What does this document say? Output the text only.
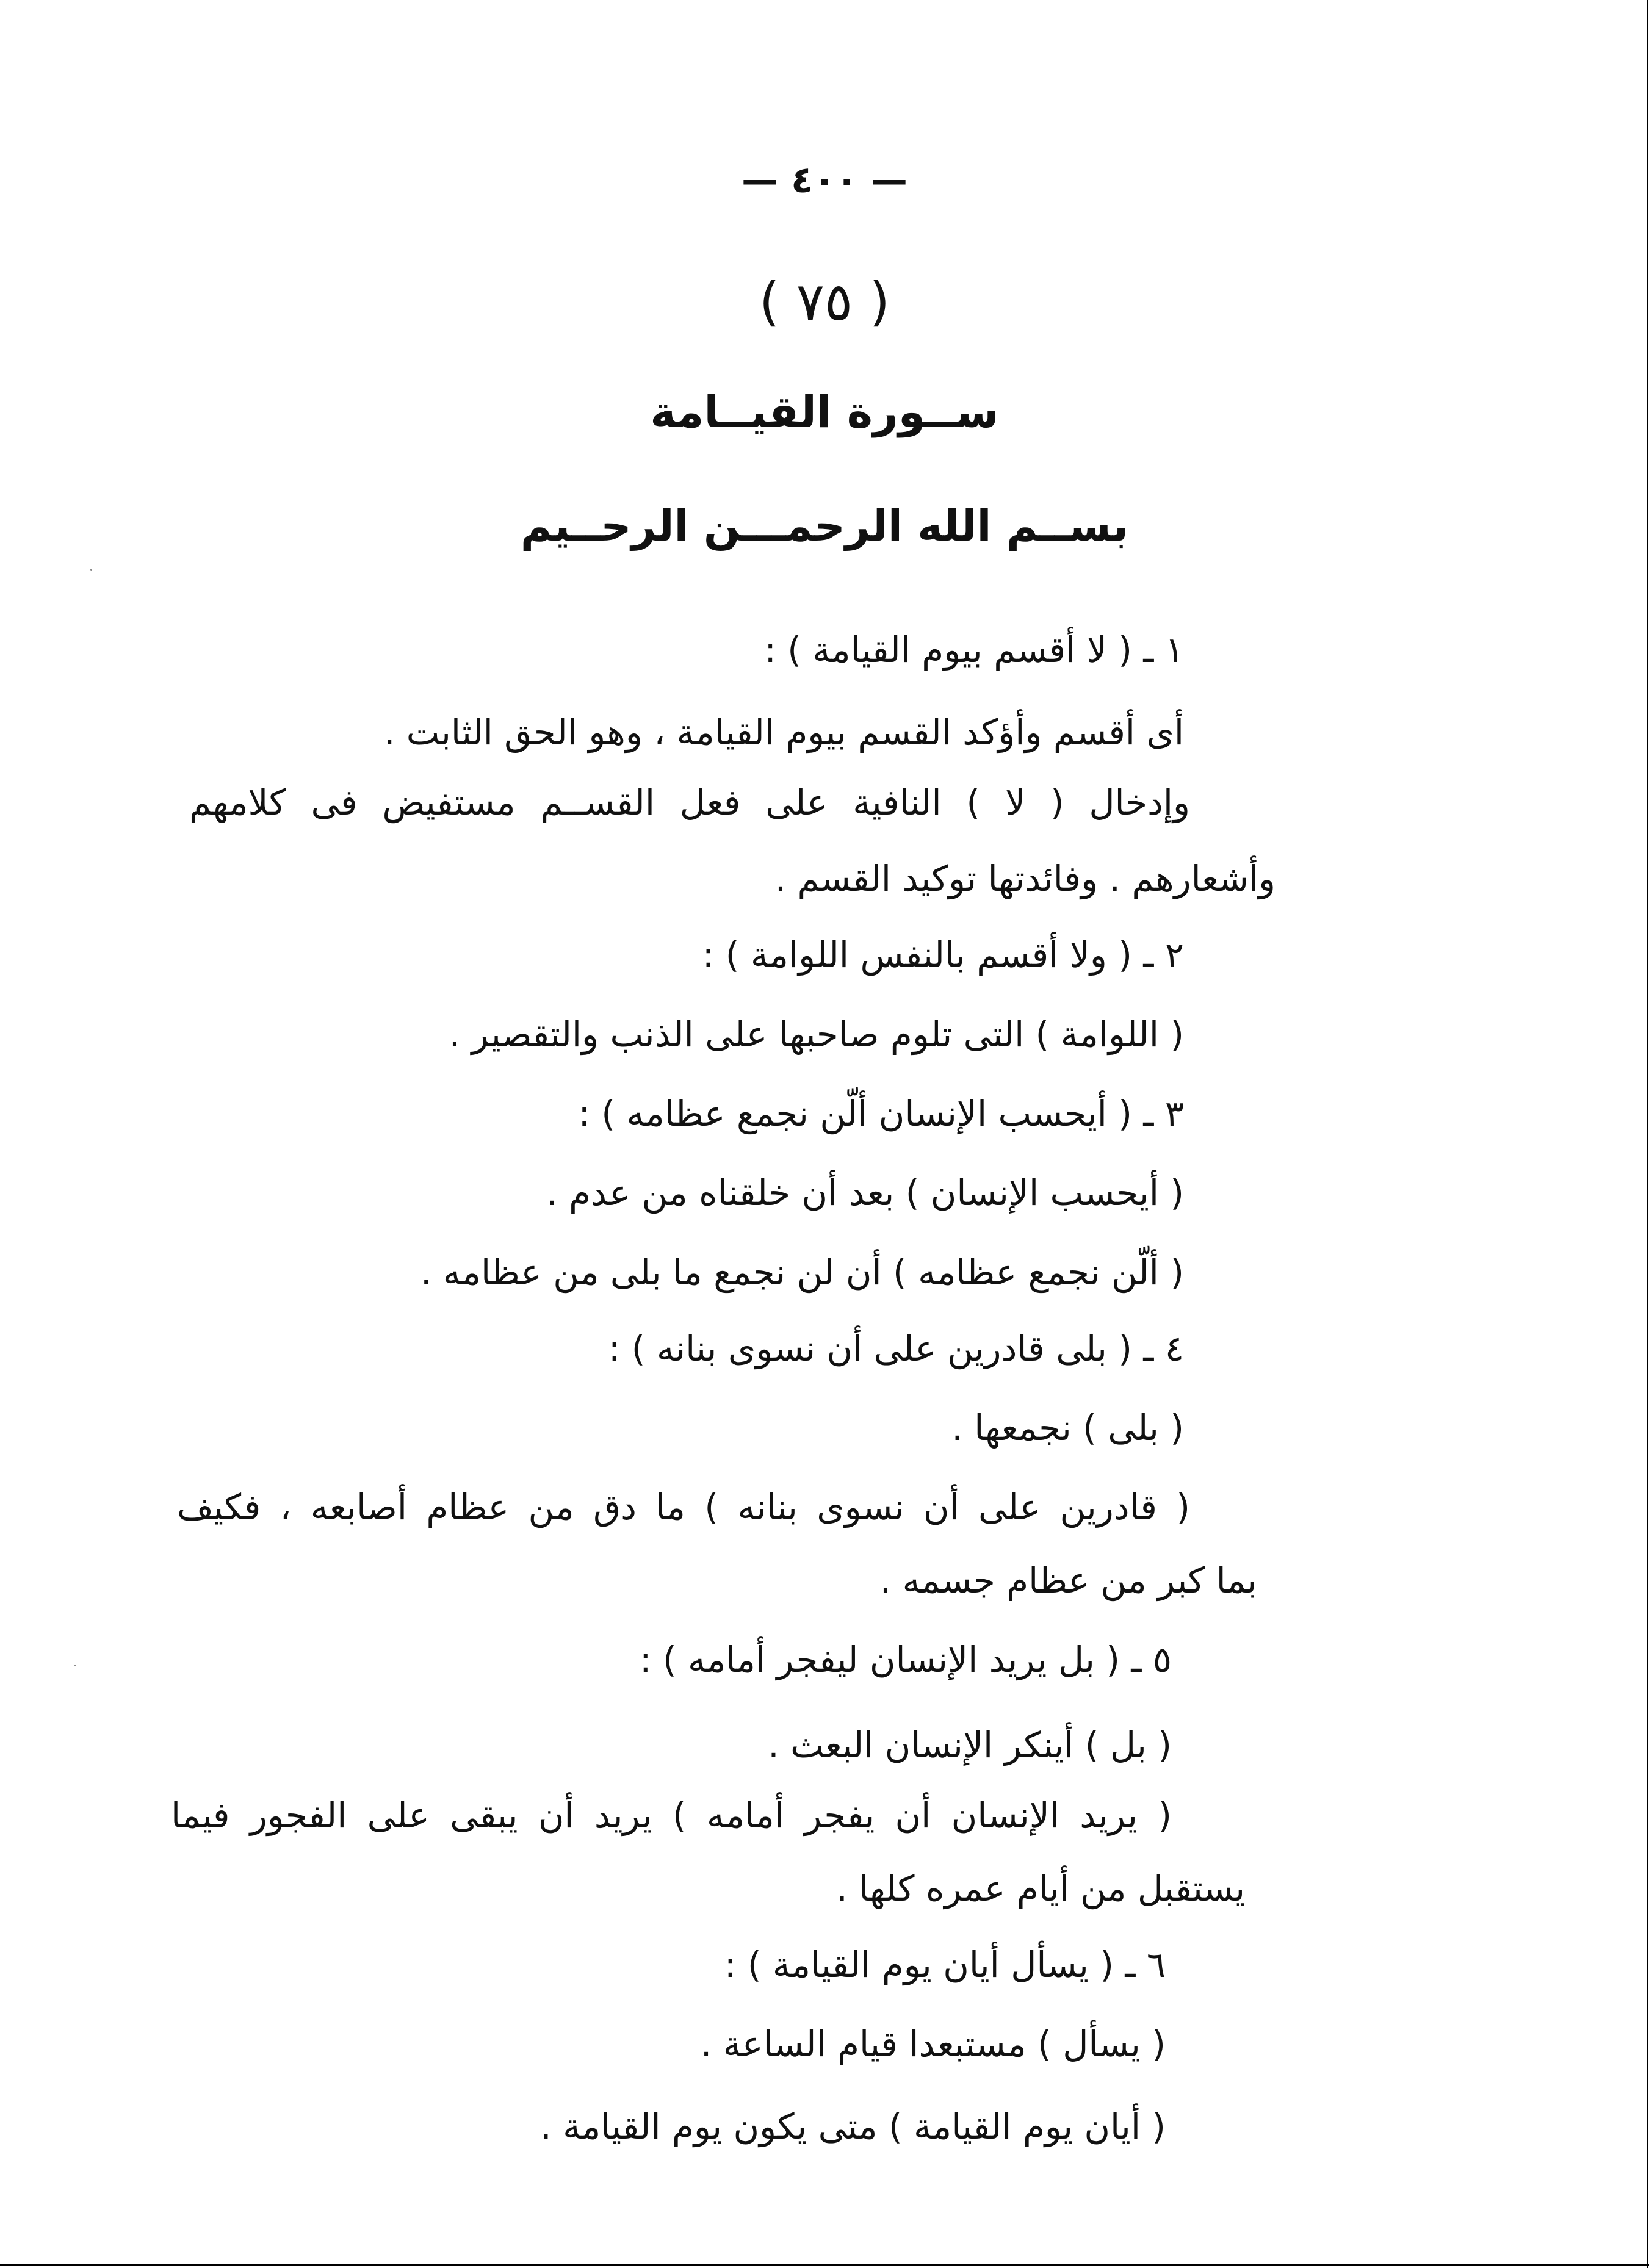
— ٤٠٠ —

( ٧٥ )

ســورة القيــامة

بســم الله الرحمـــن الرحــيم

١ ـ ( لا أقسم بيوم القيامة ) :

أى أقسم وأؤكد القسم بيوم القيامة ، وهو الحق الثابت .

وإدخال ( لا ) النافية على فعل القســم مستفيض فى كلامهم

وأشعارهم . وفائدتها توكيد القسم .

٢ ـ ( ولا أقسم بالنفس اللوامة ) :

( اللوامة ) التى تلوم صاحبها على الذنب والتقصير .

٣ ـ ( أيحسب الإنسان ألّن نجمع عظامه ) :

( أيحسب الإنسان ) بعد أن خلقناه من عدم .

( ألّن نجمع عظامه ) أن لن نجمع ما بلى من عظامه .

٤ ـ ( بلى قادرين على أن نسوى بنانه ) :

( بلى ) نجمعها .

( قادرين على أن نسوى بنانه ) ما دق من عظام أصابعه ، فكيف

بما كبر من عظام جسمه .

٥ ـ ( بل يريد الإنسان ليفجر أمامه ) :

( بل ) أينكر الإنسان البعث .

( يريد الإنسان أن يفجر أمامه ) يريد أن يبقى على الفجور فيما

يستقبل من أيام عمره كلها .

٦ ـ ( يسأل أيان يوم القيامة ) :

( يسأل ) مستبعدا قيام الساعة .

( أيان يوم القيامة ) متى يكون يوم القيامة .
